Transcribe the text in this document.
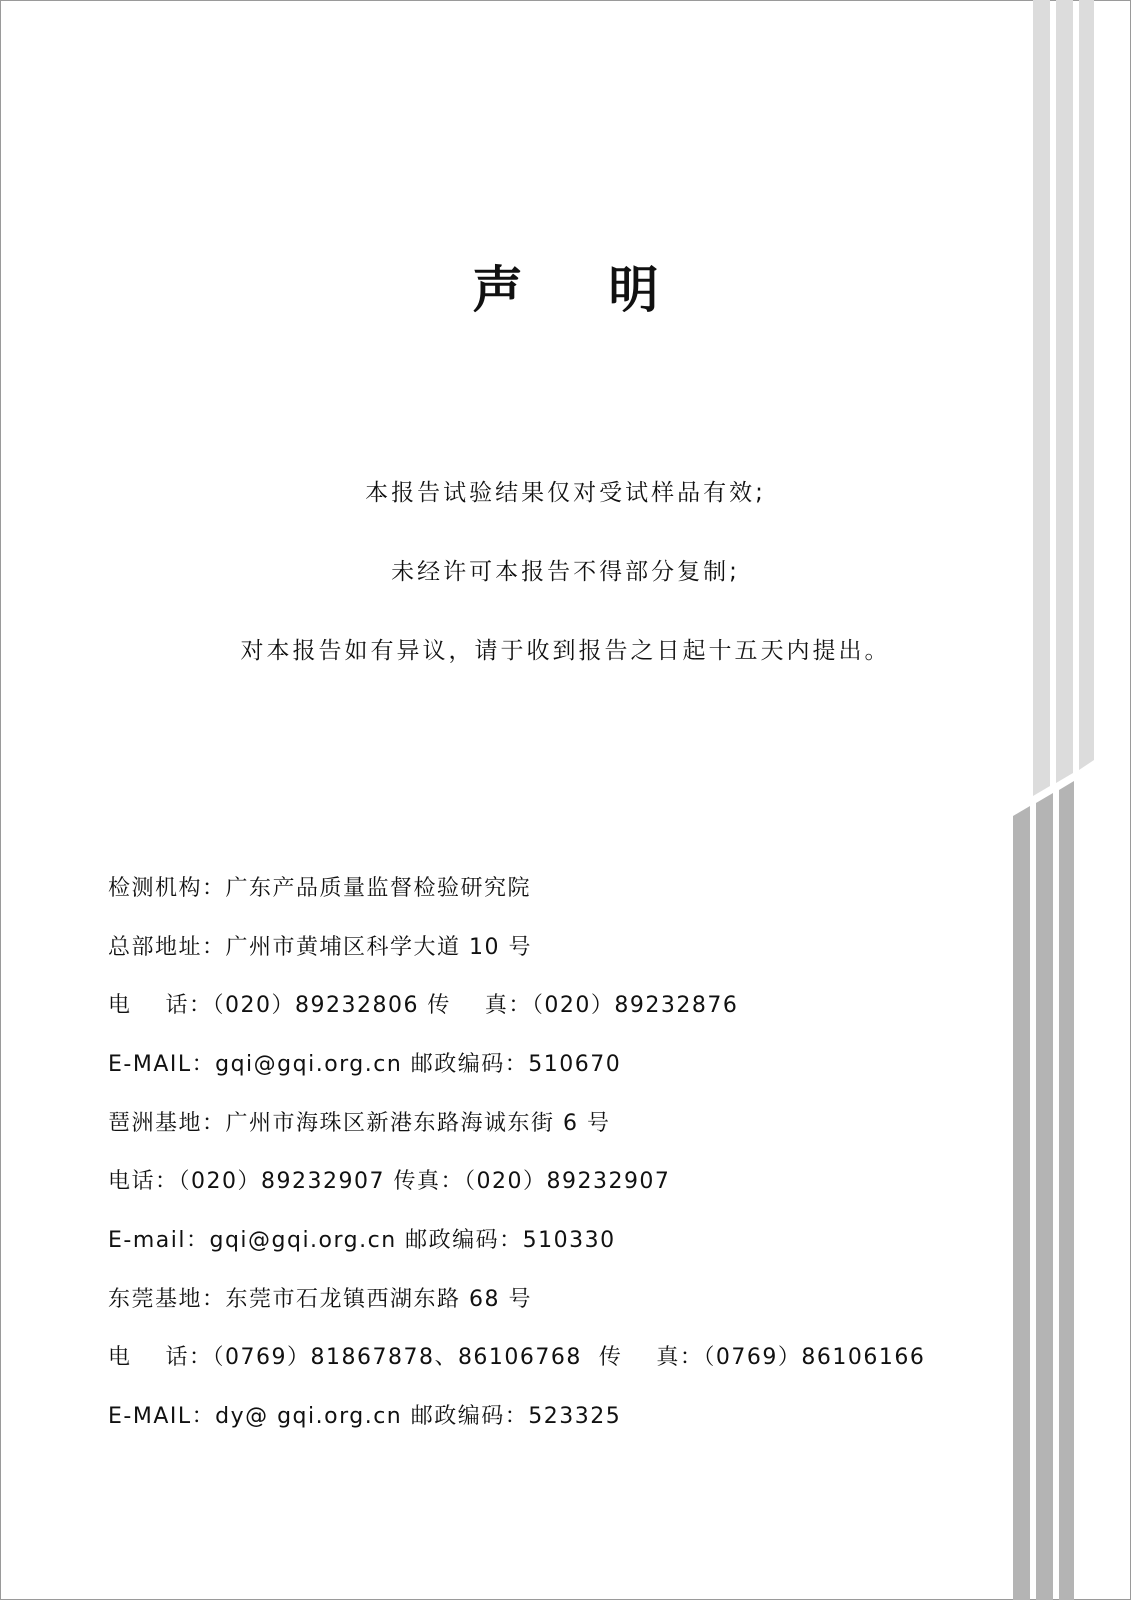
声 明
本报告试验结果仅对受试样品有效;
未经许可本报告不得部分复制;
对本报告如有异议，请于收到报告之日起十五天内提出。
检测机构：广东产品质量监督检验研究院
总部地址：广州市黄埔区科学大道 10 号
电    话：（020）89232806 传    真：（020）89232876
E-MAIL：gqi@gqi.org.cn 邮政编码：510670
琶洲基地：广州市海珠区新港东路海诚东街 6 号
电话：（020）89232907 传真：（020）89232907
E-mail：gqi@gqi.org.cn 邮政编码：510330
东莞基地：东莞市石龙镇西湖东路 68 号
电    话：（0769）81867878、86106768  传    真：（0769）86106166
E-MAIL：dy@ gqi.org.cn 邮政编码：523325
